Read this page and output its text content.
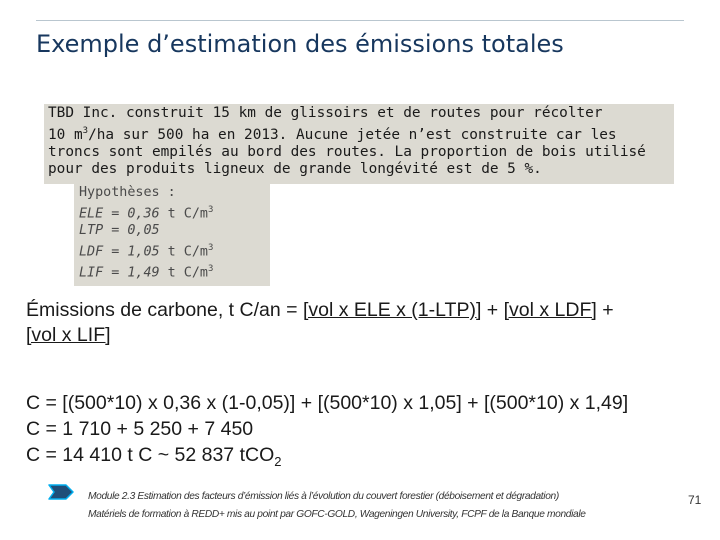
Exemple d’estimation des émissions totales
TBD Inc. construit 15 km de glissoirs et de routes pour récolter
10 $m^3/ha$ sur 500 ha en 2013. Aucune jetée n’est construite car les
troncs sont empilés au bord des routes. La proportion de bois utilisé
pour des produits ligneux de grande longévité est de 5 %.
Hypothèses :
ELE = 0,36 t $C/m^3$
LTP = 0,05
LDF = 1,05 t $C/m^3$
LIF = 1,49 t $C/m^3$
Émissions de carbone, t C/an = [vol x ELE x (1-LTP)] + [vol x LDF] +
[vol x LIF]
C = [(500*10) x 0,36 x (1-0,05)] + [(500*10) x 1,05] + [(500*10) x 1,49]
C = 1 710 + 5 250 + 7 450
C = 14 410 t C ~ 52 837 tCO$_2$
Module 2.3 Estimation des facteurs d’émission liés à l’évolution du couvert forestier (déboisement et dégradation)
Matériels de formation à REDD+ mis au point par GOFC-GOLD, Wageningen University, FCPF de la Banque mondiale
71
